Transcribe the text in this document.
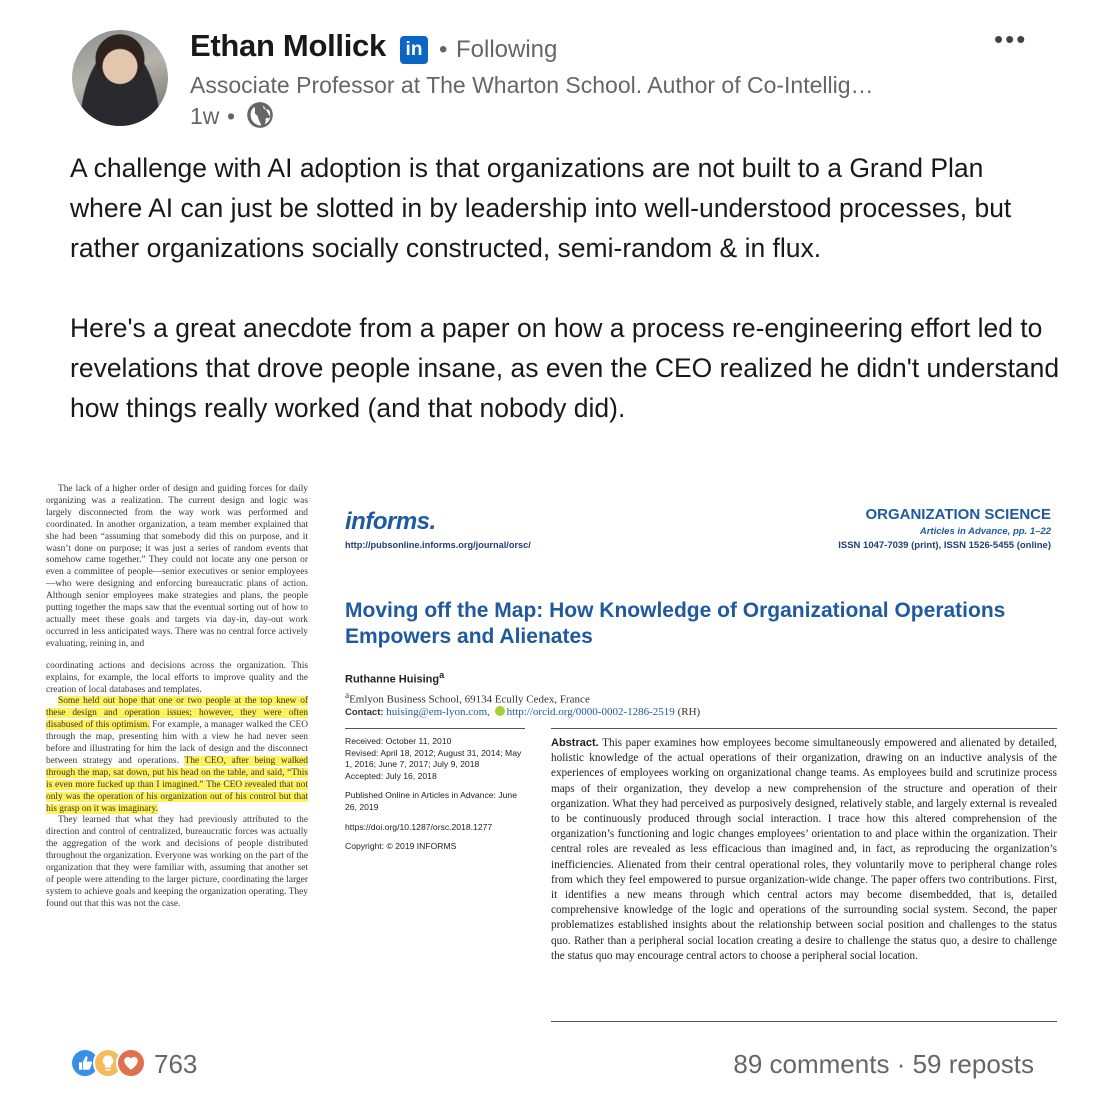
Ethan Mollick in • Following	•••
Associate Professor at The Wharton School. Author of Co-Intellig…
1w •

A challenge with AI adoption is that organizations are not built to a Grand Plan where AI can just be slotted in by leadership into well-understood processes, but rather organizations socially constructed, semi-random & in flux.

Here's a great anecdote from a paper on how a process re-engineering effort led to revelations that drove people insane, as even the CEO realized he didn't understand how things really worked (and that nobody did).

The lack of a higher order of design and guiding forces for daily organizing was a realization. The current design and logic was largely disconnected from the way work was performed and coordinated. In another organization, a team member explained that she had been “assuming that somebody did this on purpose, and it wasn’t done on purpose; it was just a series of random events that somehow came together.” They could not locate any one person or even a committee of people—senior executives or senior employees—who were designing and enforcing bureaucratic plans of action. Although senior employees make strategies and plans, the people putting together the maps saw that the eventual sorting out of how to actually meet these goals and targets via day-in, day-out work occurred in less anticipated ways. There was no central force actively evaluating, reining in, and
coordinating actions and decisions across the organization. This explains, for example, the local efforts to improve quality and the creation of local databases and templates.
Some held out hope that one or two people at the top knew of these design and operation issues; however, they were often disabused of this optimism. For example, a manager walked the CEO through the map, presenting him with a view he had never seen before and illustrating for him the lack of design and the disconnect between strategy and operations. The CEO, after being walked through the map, sat down, put his head on the table, and said, “This is even more fucked up than I imagined.” The CEO revealed that not only was the operation of his organization out of his control but that his grasp on it was imaginary.
They learned that what they had previously attributed to the direction and control of centralized, bureaucratic forces was actually the aggregation of the work and decisions of people distributed throughout the organization. Everyone was working on the part of the organization that they were familiar with, assuming that another set of people were attending to the larger picture, coordinating the larger system to achieve goals and keeping the organization operating. They found out that this was not the case.
informs.
http://pubsonline.informs.org/journal/orsc/
ORGANIZATION SCIENCE
Articles in Advance, pp. 1–22
ISSN 1047-7039 (print), ISSN 1526-5455 (online)
Moving off the Map: How Knowledge of Organizational Operations Empowers and Alienates
Ruthanne Huising$^a$
$^a$Emlyon Business School, 69134 Ecully Cedex, France
Contact: huising@em-lyon.com, http://orcid.org/0000-0002-1286-2519 (RH)
Received: October 11, 2010
Revised: April 18, 2012; August 31, 2014; May 1, 2016; June 7, 2017; July 9, 2018
Accepted: July 16, 2018
Published Online in Articles in Advance: June 26, 2019
https://doi.org/10.1287/orsc.2018.1277
Copyright: © 2019 INFORMS
Abstract. This paper examines how employees become simultaneously empowered and alienated by detailed, holistic knowledge of the actual operations of their organization, drawing on an inductive analysis of the experiences of employees working on organizational change teams. As employees build and scrutinize process maps of their organization, they develop a new comprehension of the structure and operation of their organization. What they had perceived as purposively designed, relatively stable, and largely external is revealed to be continuously produced through social interaction. I trace how this altered comprehension of the organization’s functioning and logic changes employees’ orientation to and place within the organization. Their central roles are revealed as less efficacious than imagined and, in fact, as reproducing the organization’s inefficiencies. Alienated from their central operational roles, they voluntarily move to peripheral change roles from which they feel empowered to pursue organization-wide change. The paper offers two contributions. First, it identifies a new means through which central actors may become disembedded, that is, detailed comprehensive knowledge of the logic and operations of the surrounding social system. Second, the paper problematizes established insights about the relationship between social position and challenges to the status quo. Rather than a peripheral social location creating a desire to challenge the status quo, a desire to challenge the status quo may encourage central actors to choose a peripheral social location.
763	89 comments · 59 reposts
